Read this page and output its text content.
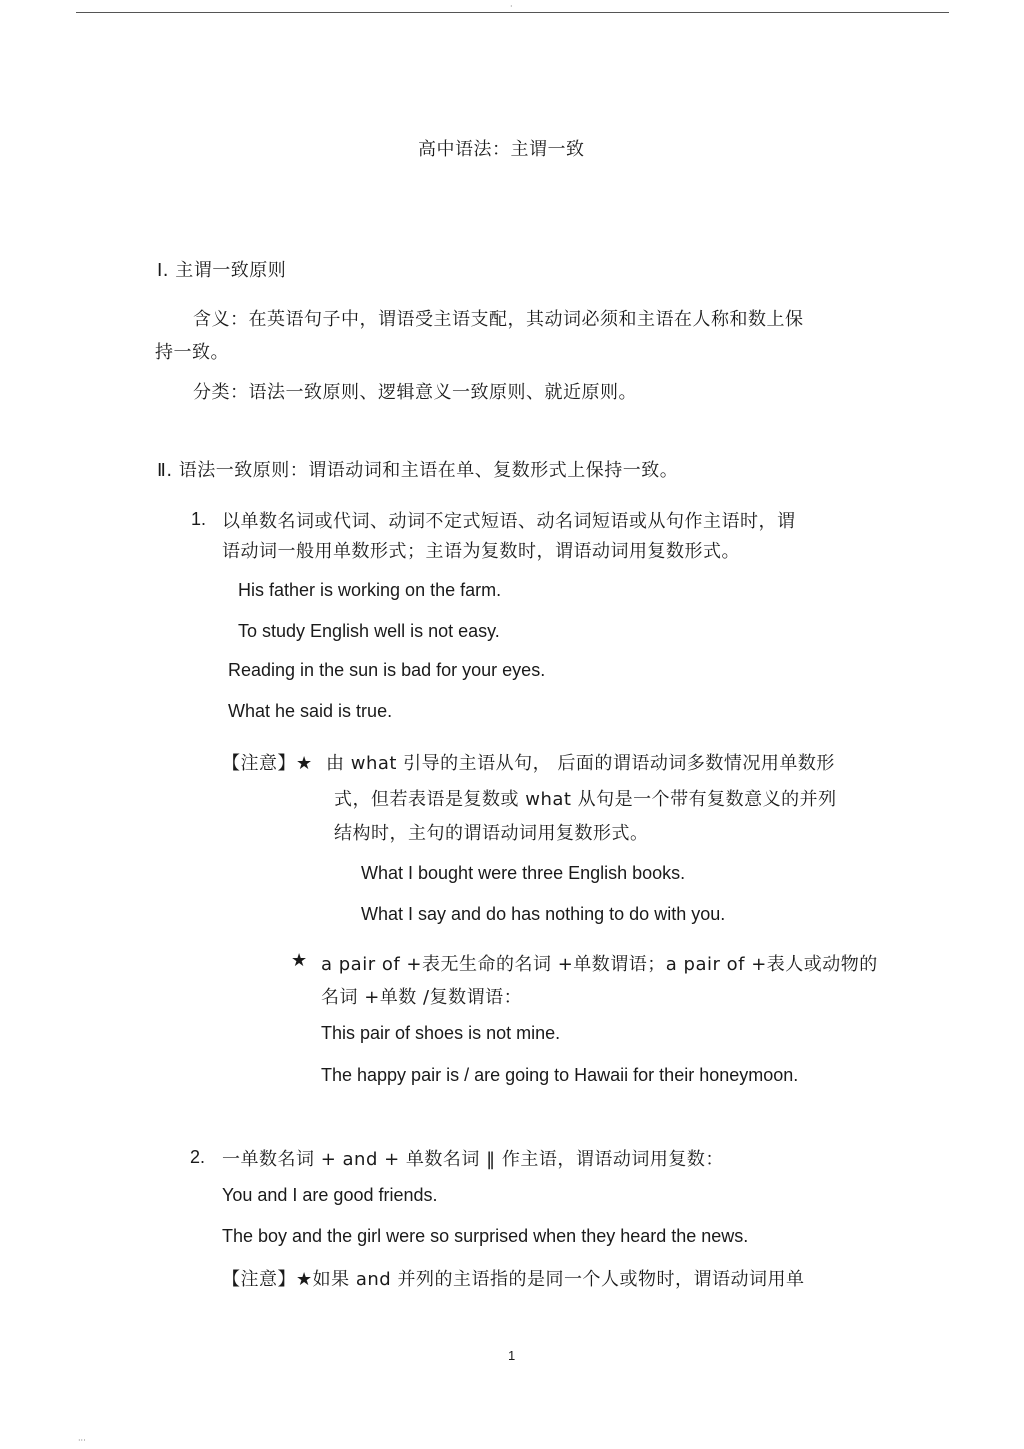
·
高中语法：主谓一致
Ⅰ. 主谓一致原则
含义：在英语句子中，谓语受主语支配，其动词必须和主语在人称和数上保
持一致。
分类：语法一致原则、逻辑意义一致原则、就近原则。
Ⅱ. 语法一致原则：谓语动词和主语在单、复数形式上保持一致。
1. 以单数名词或代词、动词不定式短语、动名词短语或从句作主语时，谓
语动词一般用单数形式；主语为复数时，谓语动词用复数形式。
His father is working on the farm.
To study English well is not easy.
Reading in the sun is bad for your eyes.
What he said is true.
【注意】★ 由 what 引导的主语从句， 后面的谓语动词多数情况用单数形
式，但若表语是复数或 what 从句是一个带有复数意义的并列
结构时，主句的谓语动词用复数形式。
What I bought were three English books.
What I say and do has nothing to do with you.
★ a pair of +表无生命的名词 +单数谓语；a pair of +表人或动物的
名词 +单数 /复数谓语：
This pair of shoes is not mine.
The happy pair is / are going to Hawaii for their honeymoon.
2. 一单数名词 + and + 单数名词 ‖ 作主语，谓语动词用复数：
You and I are good friends.
The boy and the girl were so surprised when they heard the news.
【注意】★如果 and 并列的主语指的是同一个人或物时，谓语动词用单
1
···
